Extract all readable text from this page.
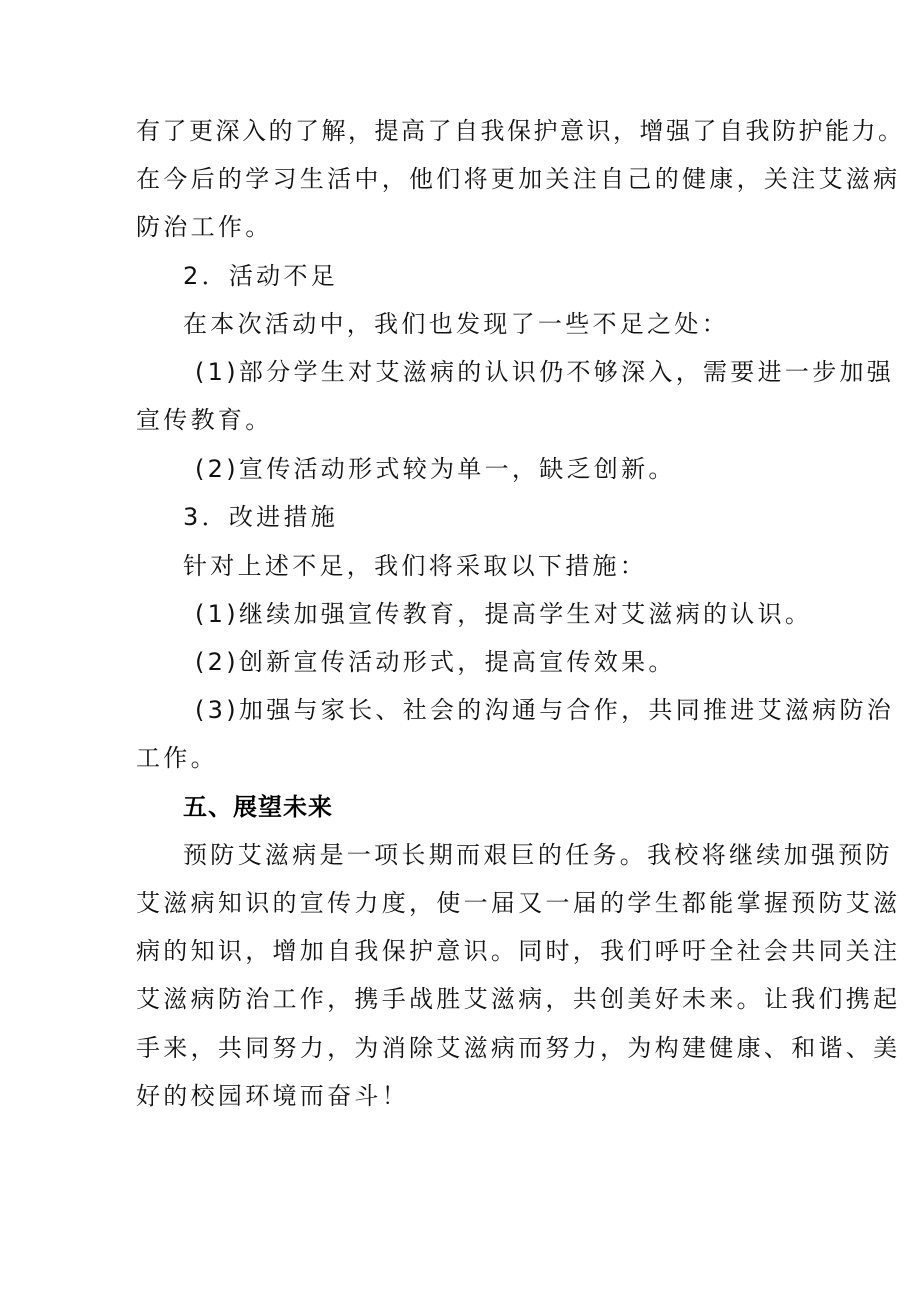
有了更深入的了解，提高了自我保护意识，增强了自我防护能力。
在今后的学习生活中，他们将更加关注自己的健康，关注艾滋病
防治工作。
2．活动不足
在本次活动中，我们也发现了一些不足之处：
(1)部分学生对艾滋病的认识仍不够深入，需要进一步加强
宣传教育。
(2)宣传活动形式较为单一，缺乏创新。
3．改进措施
针对上述不足，我们将采取以下措施：
(1)继续加强宣传教育，提高学生对艾滋病的认识。
(2)创新宣传活动形式，提高宣传效果。
(3)加强与家长、社会的沟通与合作，共同推进艾滋病防治
工作。
五、展望未来
预防艾滋病是一项长期而艰巨的任务。我校将继续加强预防
艾滋病知识的宣传力度，使一届又一届的学生都能掌握预防艾滋
病的知识，增加自我保护意识。同时，我们呼吁全社会共同关注
艾滋病防治工作，携手战胜艾滋病，共创美好未来。让我们携起
手来，共同努力，为消除艾滋病而努力，为构建健康、和谐、美
好的校园环境而奋斗！
